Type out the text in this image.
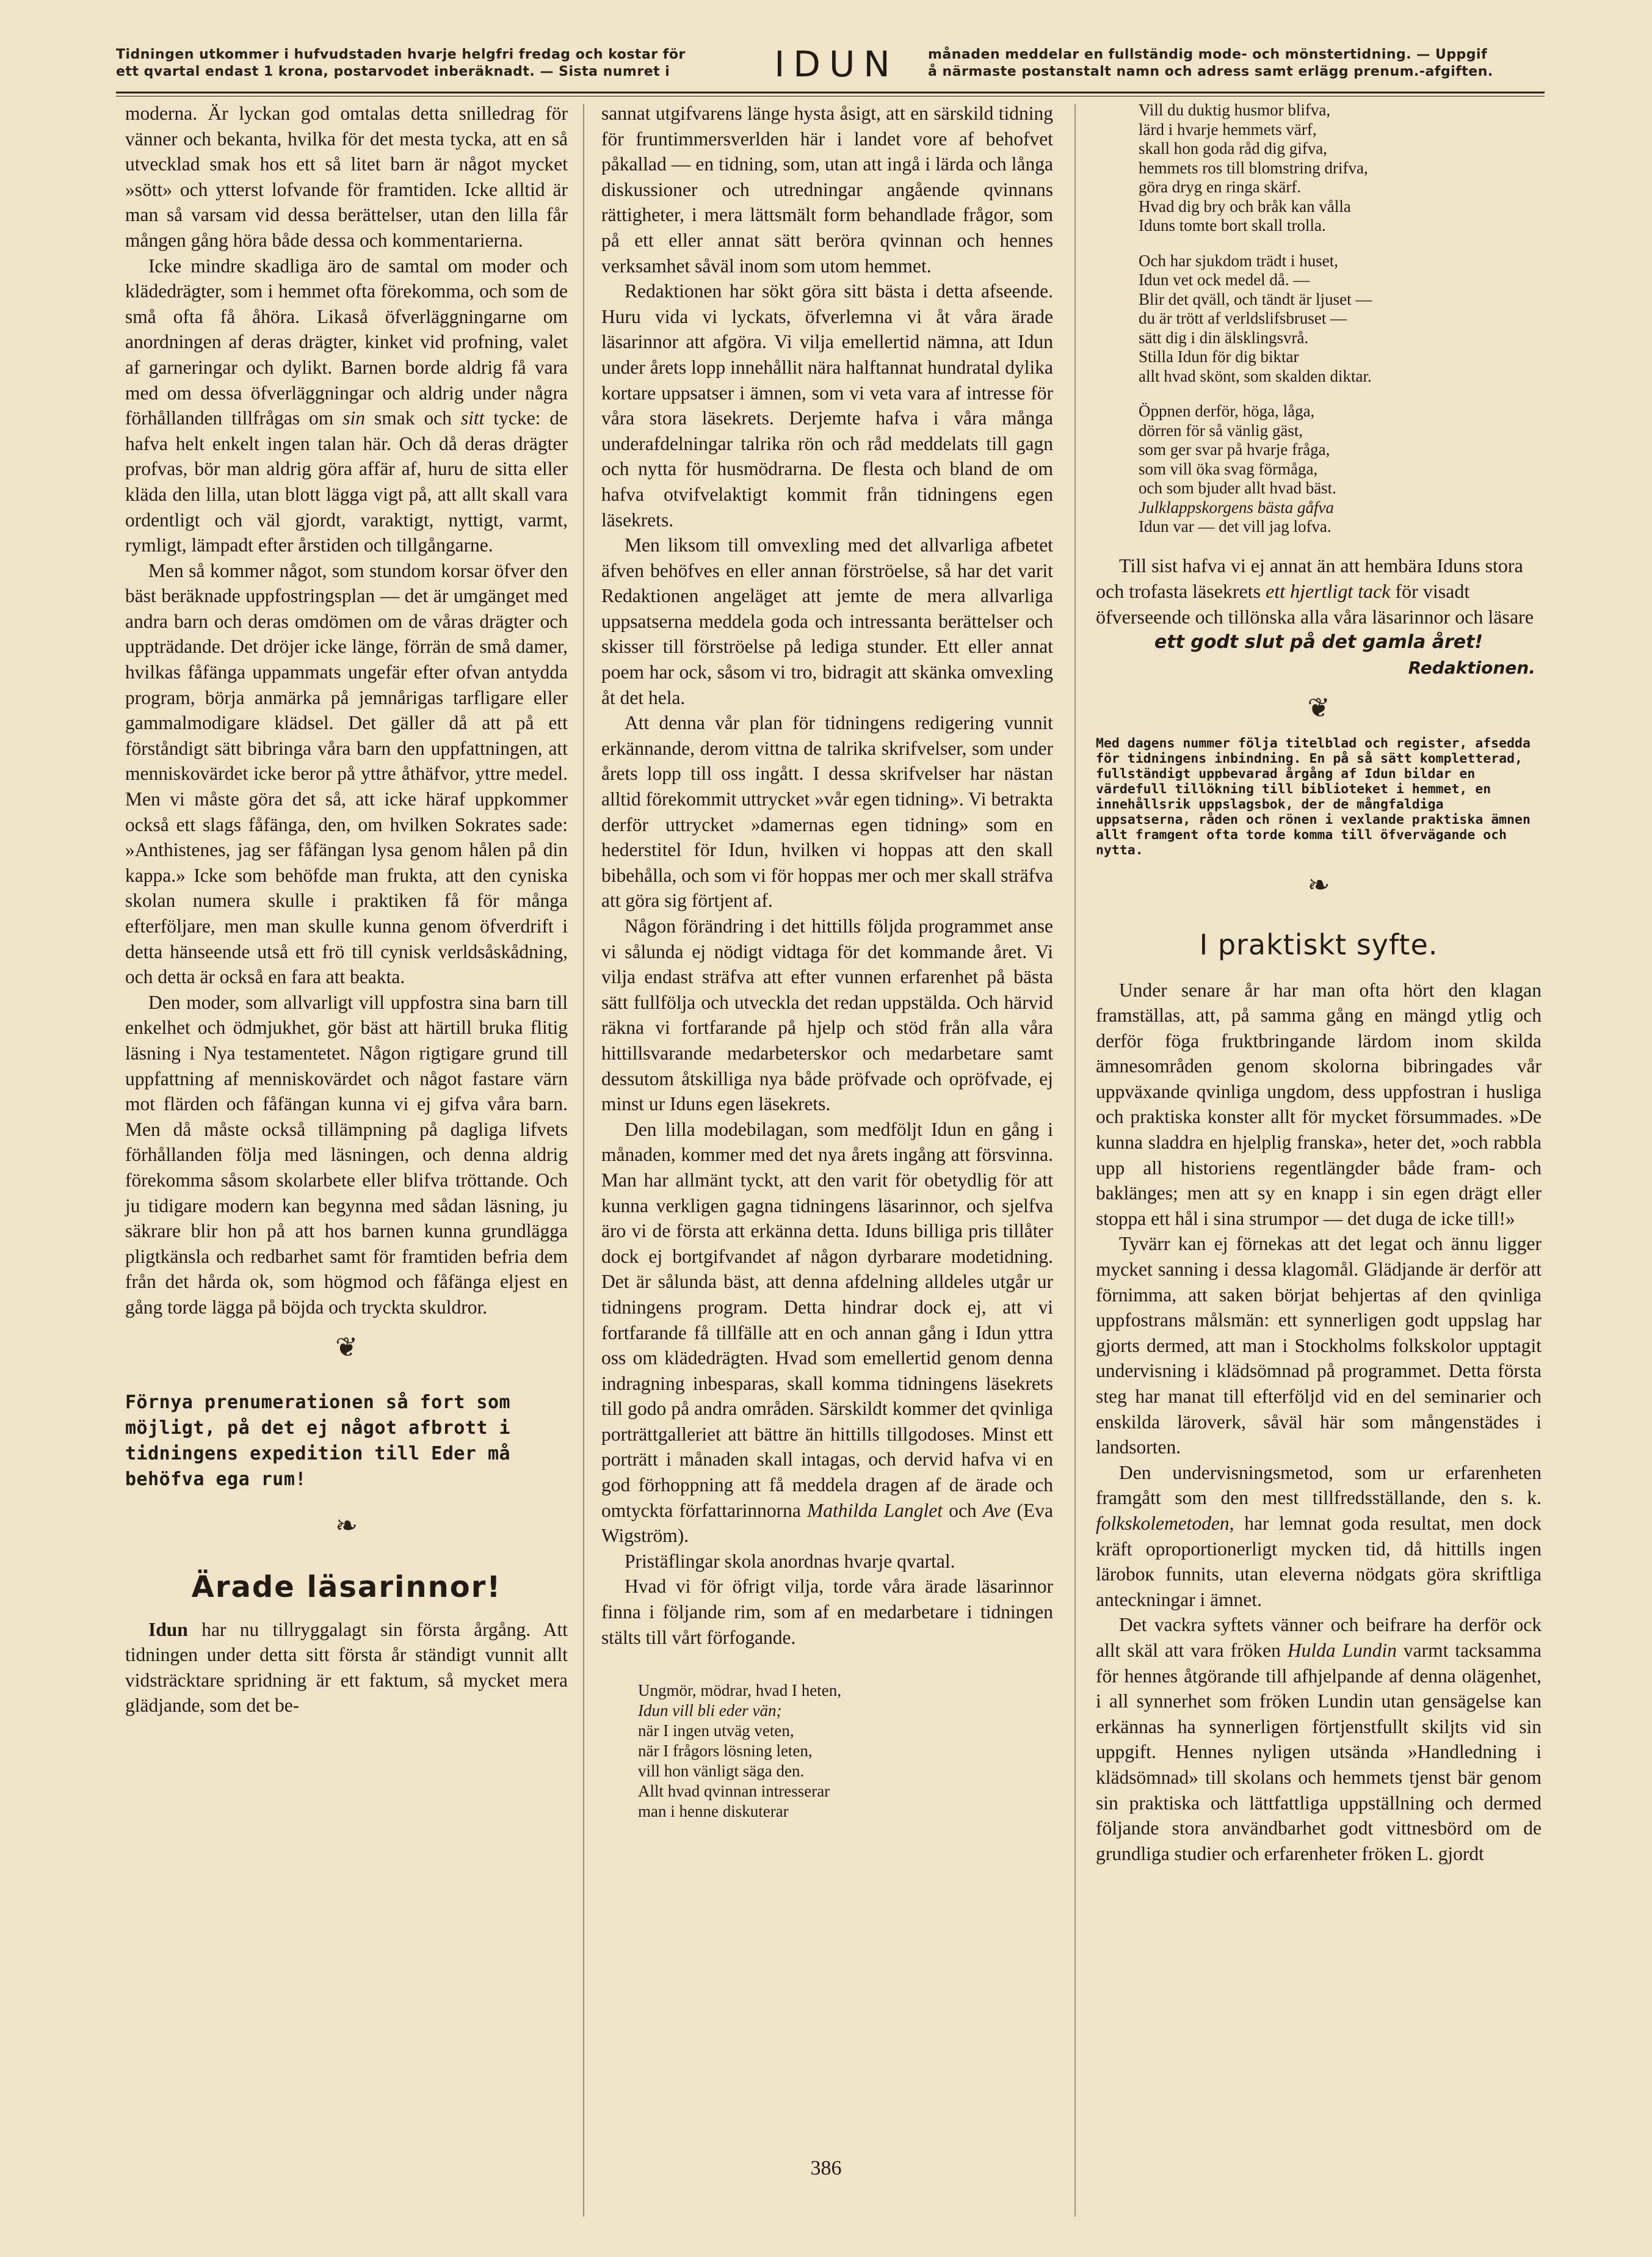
Tidningen utkommer i hufvudstaden hvarje helgfri fredag och kostar för
ett qvartal endast 1 krona, postarvodet inberäknadt. — Sista numret i	IDUN	månaden meddelar en fullständig mode- och mönstertidning. — Uppgif
å närmaste postanstalt namn och adress samt erlägg prenum.-afgiften.

moderna. Är lyckan god omtalas detta snilledrag för vänner och bekanta, hvilka för det mesta tycka, att en så utvecklad smak hos ett så litet barn är något mycket »sött» och ytterst lofvande för framtiden. Icke alltid är man så varsam vid dessa berättelser, utan den lilla får mången gång höra både dessa och kommentarierna.

Icke mindre skadliga äro de samtal om moder och klädedrägter, som i hemmet ofta förekomma, och som de små ofta få åhöra. Likaså öfverläggningarne om anordningen af deras drägter, kinket vid profning, valet af garneringar och dylikt. Barnen borde aldrig få vara med om dessa öfverläggningar och aldrig under några förhållanden tillfrågas om sin smak och sitt tycke: de hafva helt enkelt ingen talan här. Och då deras drägter profvas, bör man aldrig göra affär af, huru de sitta eller kläda den lilla, utan blott lägga vigt på, att allt skall vara ordentligt och väl gjordt, varaktigt, nyttigt, varmt, rymligt, lämpadt efter årstiden och tillgångarne.

Men så kommer något, som stundom korsar öfver den bäst beräknade uppfostringsplan — det är umgänget med andra barn och deras omdömen om de våras drägter och uppträdande. Det dröjer icke länge, förrän de små damer, hvilkas fåfänga uppammats ungefär efter ofvan antydda program, börja anmärka på jemnårigas tarfligare eller gammalmodigare klädsel. Det gäller då att på ett förståndigt sätt bibringa våra barn den uppfattningen, att menniskovärdet icke beror på yttre åthäfvor, yttre medel. Men vi måste göra det så, att icke häraf uppkommer också ett slags fåfänga, den, om hvilken Sokrates sade: »Anthistenes, jag ser fåfängan lysa genom hålen på din kappa.» Icke som behöfde man frukta, att den cyniska skolan numera skulle i praktiken få för många efterföljare, men man skulle kunna genom öfverdrift i detta hänseende utså ett frö till cynisk verldsåskådning, och detta är också en fara att beakta.

Den moder, som allvarligt vill uppfostra sina barn till enkelhet och ödmjukhet, gör bäst att härtill bruka flitig läsning i Nya testamentetet. Någon rigtigare grund till uppfattning af menniskovärdet och något fastare värn mot flärden och fåfängan kunna vi ej gifva våra barn. Men då måste också tillämpning på dagliga lifvets förhållanden följa med läsningen, och denna aldrig förekomma såsom skolarbete eller blifva tröttande. Och ju tidigare modern kan begynna med sådan läsning, ju säkrare blir hon på att hos barnen kunna grundlägga pligtkänsla och redbarhet samt för framtiden befria dem från det hårda ok, som högmod och fåfänga eljest en gång torde lägga på böjda och tryckta skuldror.

❦
Förnya prenumerationen så fort som möjligt, på det ej något afbrott i tidningens expedition till Eder må behöfva ega rum!
❧
Ärade läsarinnor!

Idun har nu tillryggalagt sin första årgång. Att tidningen under detta sitt första år ständigt vunnit allt vidsträcktare spridning är ett faktum, så mycket mera glädjande, som det be-

sannat utgifvarens länge hysta åsigt, att en särskild tidning för fruntimmersverlden här i landet vore af behofvet påkallad — en tidning, som, utan att ingå i lärda och långa diskussioner och utredningar angående qvinnans rättigheter, i mera lättsmält form behandlade frågor, som på ett eller annat sätt beröra qvinnan och hennes verksamhet såväl inom som utom hemmet.

Redaktionen har sökt göra sitt bästa i detta afseende. Huru vida vi lyckats, öfverlemna vi åt våra ärade läsarinnor att afgöra. Vi vilja emellertid nämna, att Idun under årets lopp innehållit nära halftannat hundratal dylika kortare uppsatser i ämnen, som vi veta vara af intresse för våra stora läsekrets. Derjemte hafva i våra många underafdelningar talrika rön och råd meddelats till gagn och nytta för husmödrarna. De flesta och bland de om hafva otvifvelaktigt kommit från tidningens egen läsekrets.

Men liksom till omvexling med det allvarliga afbetet äfven behöfves en eller annan förströelse, så har det varit Redaktionen angeläget att jemte de mera allvarliga uppsatserna meddela goda och intressanta berättelser och skisser till förströelse på lediga stunder. Ett eller annat poem har ock, såsom vi tro, bidragit att skänka omvexling åt det hela.

Att denna vår plan för tidningens redigering vunnit erkännande, derom vittna de talrika skrifvelser, som under årets lopp till oss ingått. I dessa skrifvelser har nästan alltid förekommit uttrycket »vår egen tidning». Vi betrakta derför uttrycket »damernas egen tidning» som en hederstitel för Idun, hvilken vi hoppas att den skall bibehålla, och som vi för hoppas mer och mer skall sträfva att göra sig förtjent af.

Någon förändring i det hittills följda programmet anse vi sålunda ej nödigt vidtaga för det kommande året. Vi vilja endast sträfva att efter vunnen erfarenhet på bästa sätt fullfölja och utveckla det redan uppstälda. Och härvid räkna vi fortfarande på hjelp och stöd från alla våra hittillsvarande medarbeterskor och medarbetare samt dessutom åtskilliga nya både pröfvade och opröfvade, ej minst ur Iduns egen läsekrets.

Den lilla modebilagan, som medföljt Idun en gång i månaden, kommer med det nya årets ingång att försvinna. Man har allmänt tyckt, att den varit för obetydlig för att kunna verkligen gagna tidningens läsarinnor, och sjelfva äro vi de första att erkänna detta. Iduns billiga pris tillåter dock ej bortgifvandet af någon dyrbarare modetidning. Det är sålunda bäst, att denna afdelning alldeles utgår ur tidningens program. Detta hindrar dock ej, att vi fortfarande få tillfälle att en och annan gång i Idun yttra oss om klädedrägten. Hvad som emellertid genom denna indragning inbesparas, skall komma tidningens läsekrets till godo på andra områden. Särskildt kommer det qvinliga porträttgalleriet att bättre än hittills tillgodoses. Minst ett porträtt i månaden skall intagas, och dervid hafva vi en god förhoppning att få meddela dragen af de ärade och omtyckta författarinnorna Mathilda Langlet och Ave (Eva Wigström).

Pristäflingar skola anordnas hvarje qvartal.

Hvad vi för öfrigt vilja, torde våra ärade läsarinnor finna i följande rim, som af en medarbetare i tidningen stälts till vårt förfogande.

Ungmör, mödrar, hvad I heten,
Idun vill bli eder vän;
när I ingen utväg veten,
när I frågors lösning leten,
vill hon vänligt säga den.
Allt hvad qvinnan intresserar
man i henne diskuterar
Vill du duktig husmor blifva,
lärd i hvarje hemmets värf,
skall hon goda råd dig gifva,
hemmets ros till blomstring drifva,
göra dryg en ringa skärf.
Hvad dig bry och bråk kan vålla
Iduns tomte bort skall trolla.
Och har sjukdom trädt i huset,
Idun vet ock medel då. —
Blir det qväll, och tändt är ljuset —
du är trött af verldslifsbruset —
sätt dig i din älsklingsvrå.
Stilla Idun för dig biktar
allt hvad skönt, som skalden diktar.
Öppnen derför, höga, låga,
dörren för så vänlig gäst,
som ger svar på hvarje fråga,
som vill öka svag förmåga,
och som bjuder allt hvad bäst.
Julklappskorgens bästa gåfva
Idun var — det vill jag lofva.

Till sist hafva vi ej annat än att hembära Iduns stora och trofasta läsekrets ett hjertligt tack för visadt öfverseende och tillönska alla våra läsarinnor och läsare

ett godt slut på det gamla året!
Redaktionen.
❦
Med dagens nummer följa titelblad och register, afsedda för tidningens inbindning. En på så sätt kompletterad, fullständigt uppbevarad årgång af Idun bildar en värdefull tillökning till biblioteket i hemmet, en innehållsrik uppslagsbok, der de mångfaldiga uppsatserna, råden och rönen i vexlande praktiska ämnen allt framgent ofta torde komma till öfvervägande och nytta.
❧
I praktiskt syfte.

Under senare år har man ofta hört den klagan framställas, att, på samma gång en mängd ytlig och derför föga fruktbringande lärdom inom skilda ämnesområden genom skolorna bibringades vår uppväxande qvinliga ungdom, dess uppfostran i husliga och praktiska konster allt för mycket försummades. »De kunna sladdra en hjelplig franska», heter det, »och rabbla upp all historiens regentlängder både fram- och baklänges; men att sy en knapp i sin egen drägt eller stoppa ett hål i sina strumpor — det duga de icke till!»

Tyvärr kan ej förnekas att det legat och ännu ligger mycket sanning i dessa klagomål. Glädjande är derför att förnimma, att saken börjat behjertas af den qvinliga uppfostrans målsmän: ett synnerligen godt uppslag har gjorts dermed, att man i Stockholms folkskolor upptagit undervisning i klädsömnad på programmet. Detta första steg har manat till efterföljd vid en del seminarier och enskilda läroverk, såväl här som mångenstädes i landsorten.

Den undervisningsmetod, som ur erfarenheten framgått som den mest tillfredsställande, den s. k. folkskolemetoden, har lemnat goda resultat, men dock kräft oproportionerligt mycken tid, då hittills ingen läroboк funnits, utan eleverna nödgats göra skriftliga anteckningar i ämnet.

Det vackra syftets vänner och beifrare ha derför ock allt skäl att vara fröken Hulda Lundin varmt tacksamma för hennes åtgörande till afhjelpande af denna olägenhet, i all synnerhet som fröken Lundin utan gensägelse kan erkännas ha synnerligen förtjenstfullt skiljts vid sin uppgift. Hennes nyligen utsända »Handledning i klädsömnad» till skolans och hemmets tjenst bär genom sin praktiska och lättfattliga uppställning och dermed följande stora användbarhet godt vittnesbörd om de grundliga studier och erfarenheter fröken L. gjordt

386
